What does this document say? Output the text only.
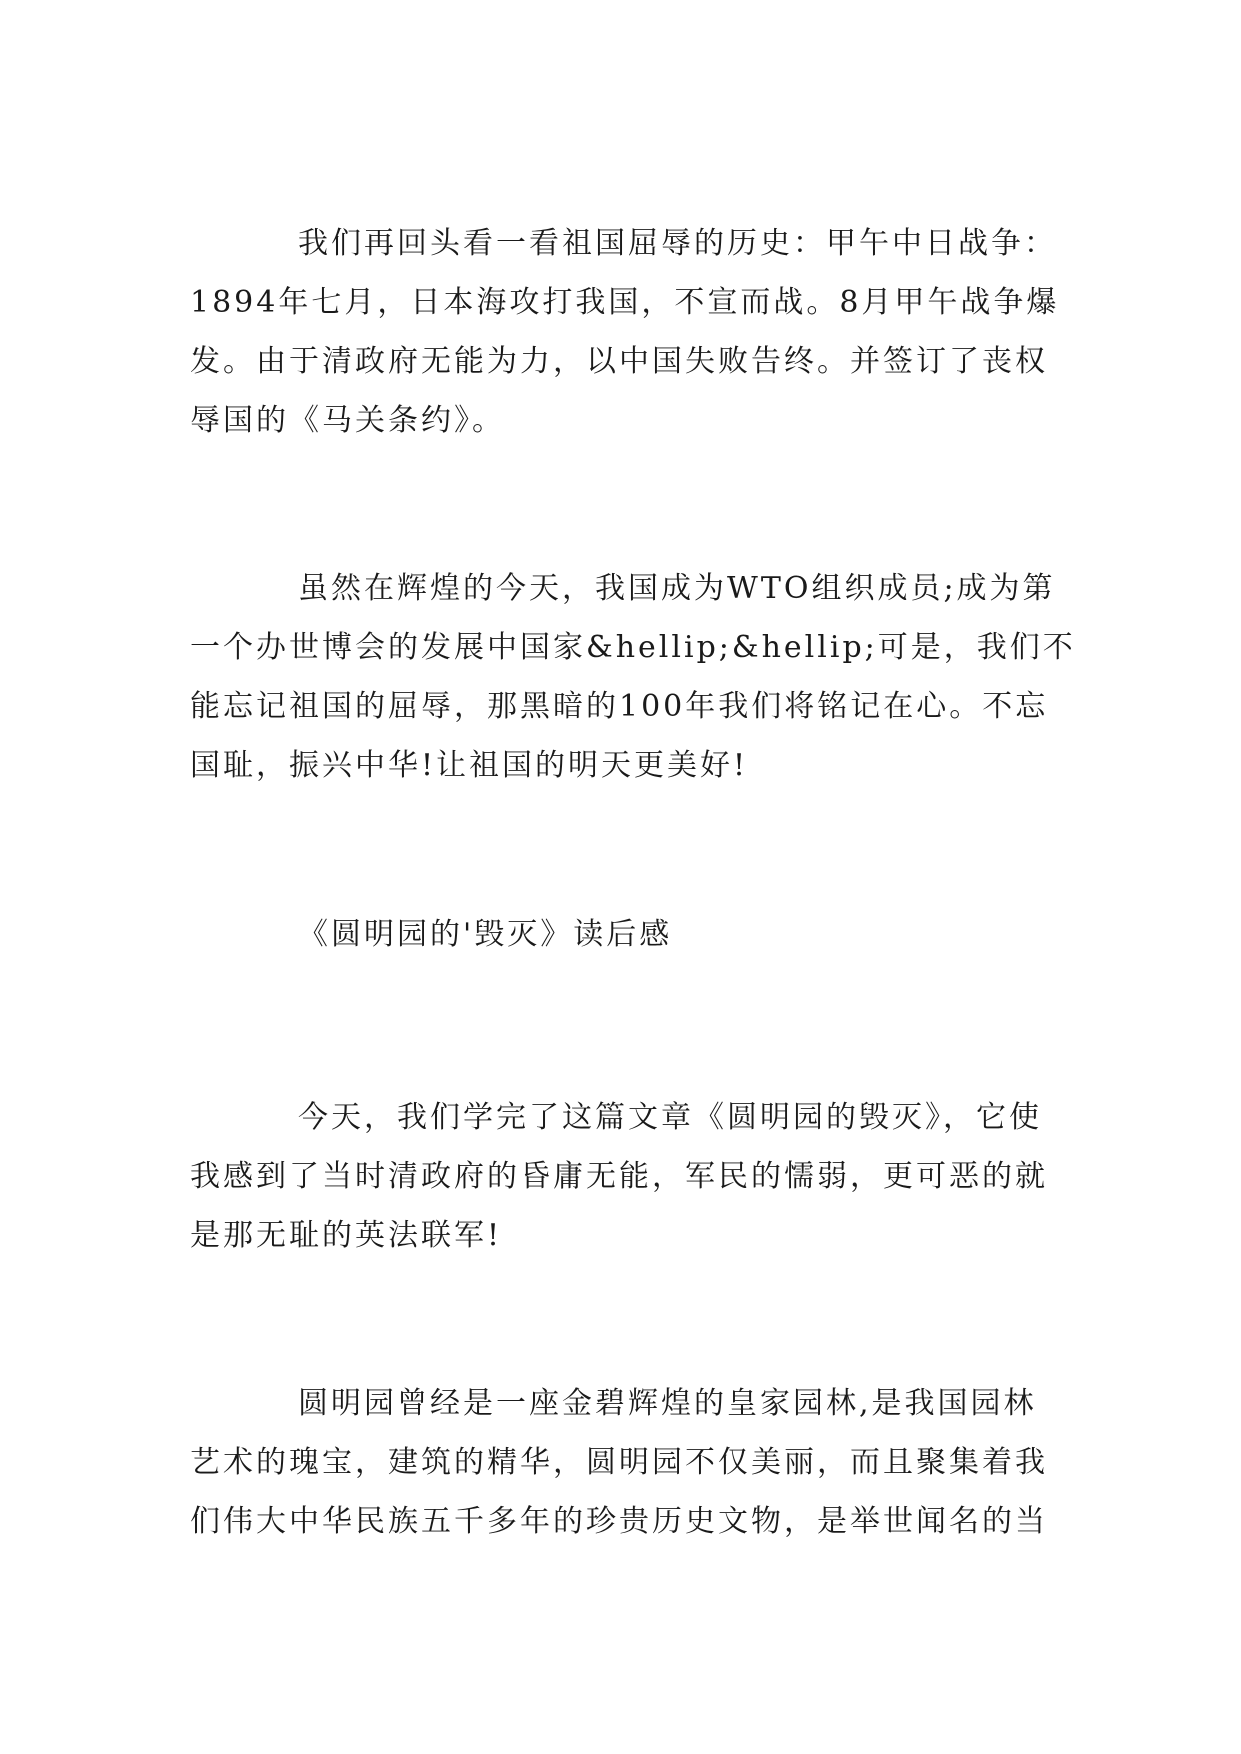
我们再回头看一看祖国屈辱的历史：甲午中日战争：
1894年七月，日本海攻打我国，不宣而战。8月甲午战争爆
发。由于清政府无能为力，以中国失败告终。并签订了丧权
辱国的《马关条约》。
虽然在辉煌的今天，我国成为WTO组织成员;成为第
一个办世博会的发展中国家&hellip;&hellip;可是，我们不
能忘记祖国的屈辱，那黑暗的100年我们将铭记在心。不忘
国耻，振兴中华!让祖国的明天更美好!
《圆明园的'毁灭》读后感
今天，我们学完了这篇文章《圆明园的毁灭》，它使
我感到了当时清政府的昏庸无能，军民的懦弱，更可恶的就
是那无耻的英法联军!
圆明园曾经是一座金碧辉煌的皇家园林,是我国园林
艺术的瑰宝，建筑的精华，圆明园不仅美丽，而且聚集着我
们伟大中华民族五千多年的珍贵历史文物，是举世闻名的当
